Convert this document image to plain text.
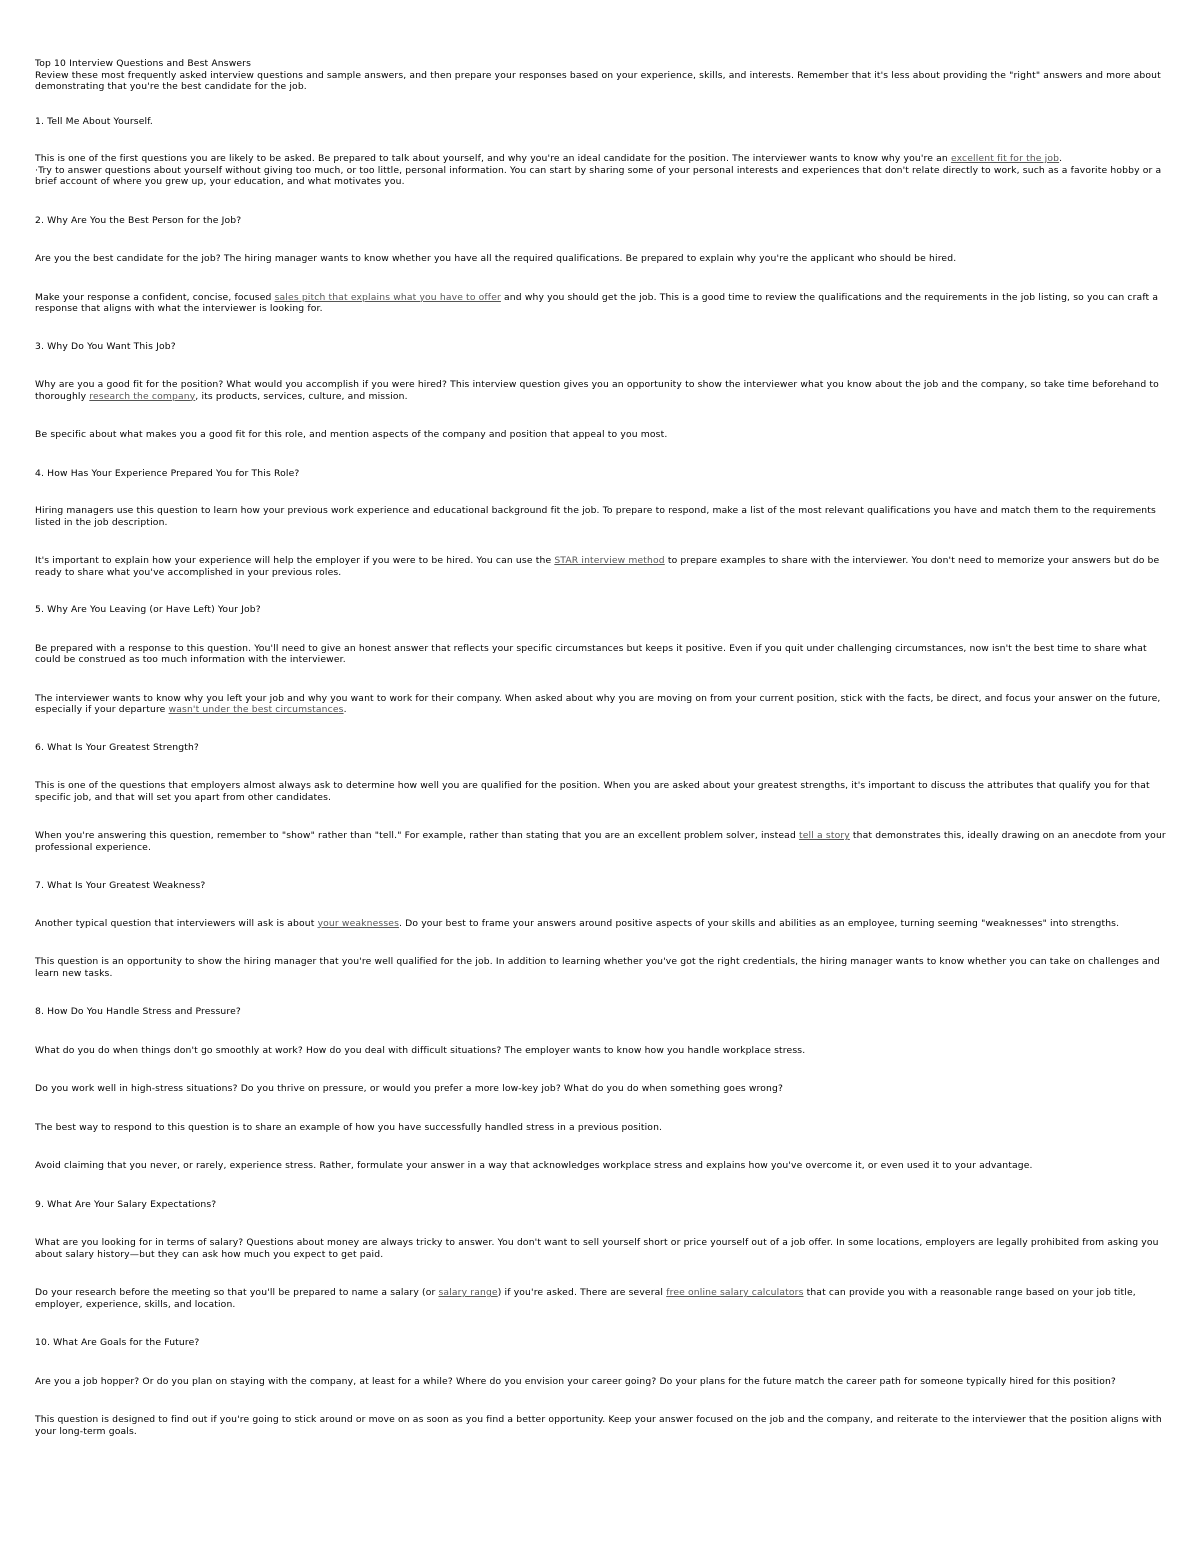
Top 10 Interview Questions and Best Answers

Review these most frequently asked interview questions and sample answers, and then prepare your responses based on your experience, skills, and interests. Remember that it's less about providing the "right" answers and more about demonstrating that you're the best candidate for the job.

1. Tell Me About Yourself.

This is one of the first questions you are likely to be asked. Be prepared to talk about yourself, and why you're an ideal candidate for the position. The interviewer wants to know why you're an excellent fit for the job.

·Try to answer questions about yourself without giving too much, or too little, personal information. You can start by sharing some of your personal interests and experiences that don't relate directly to work, such as a favorite hobby or a brief account of where you grew up, your education, and what motivates you.

2. Why Are You the Best Person for the Job?

Are you the best candidate for the job? The hiring manager wants to know whether you have all the required qualifications. Be prepared to explain why you're the applicant who should be hired.

Make your response a confident, concise, focused sales pitch that explains what you have to offer and why you should get the job. This is a good time to review the qualifications and the requirements in the job listing, so you can craft a response that aligns with what the interviewer is looking for.

3. Why Do You Want This Job?

Why are you a good fit for the position? What would you accomplish if you were hired? This interview question gives you an opportunity to show the interviewer what you know about the job and the company, so take time beforehand to thoroughly research the company, its products, services, culture, and mission.

Be specific about what makes you a good fit for this role, and mention aspects of the company and position that appeal to you most.

4. How Has Your Experience Prepared You for This Role?

Hiring managers use this question to learn how your previous work experience and educational background fit the job. To prepare to respond, make a list of the most relevant qualifications you have and match them to the requirements listed in the job description.

It's important to explain how your experience will help the employer if you were to be hired. You can use the STAR interview method to prepare examples to share with the interviewer. You don't need to memorize your answers but do be ready to share what you've accomplished in your previous roles.

5. Why Are You Leaving (or Have Left) Your Job?

Be prepared with a response to this question. You'll need to give an honest answer that reflects your specific circumstances but keeps it positive. Even if you quit under challenging circumstances, now isn't the best time to share what could be construed as too much information with the interviewer.

The interviewer wants to know why you left your job and why you want to work for their company. When asked about why you are moving on from your current position, stick with the facts, be direct, and focus your answer on the future, especially if your departure wasn't under the best circumstances.

6. What Is Your Greatest Strength?

This is one of the questions that employers almost always ask to determine how well you are qualified for the position. When you are asked about your greatest strengths, it's important to discuss the attributes that qualify you for that specific job, and that will set you apart from other candidates.

When you're answering this question, remember to "show" rather than "tell." For example, rather than stating that you are an excellent problem solver, instead tell a story that demonstrates this, ideally drawing on an anecdote from your professional experience.

7. What Is Your Greatest Weakness?

Another typical question that interviewers will ask is about your weaknesses. Do your best to frame your answers around positive aspects of your skills and abilities as an employee, turning seeming "weaknesses" into strengths.

This question is an opportunity to show the hiring manager that you're well qualified for the job. In addition to learning whether you've got the right credentials, the hiring manager wants to know whether you can take on challenges and learn new tasks.

8. How Do You Handle Stress and Pressure?

What do you do when things don't go smoothly at work? How do you deal with difficult situations? The employer wants to know how you handle workplace stress.

Do you work well in high-stress situations? Do you thrive on pressure, or would you prefer a more low-key job? What do you do when something goes wrong?

The best way to respond to this question is to share an example of how you have successfully handled stress in a previous position.

Avoid claiming that you never, or rarely, experience stress. Rather, formulate your answer in a way that acknowledges workplace stress and explains how you've overcome it, or even used it to your advantage.

9. What Are Your Salary Expectations?

What are you looking for in terms of salary? Questions about money are always tricky to answer. You don't want to sell yourself short or price yourself out of a job offer. In some locations, employers are legally prohibited from asking you about salary history—but they can ask how much you expect to get paid.

Do your research before the meeting so that you'll be prepared to name a salary (or salary range) if you're asked. There are several free online salary calculators that can provide you with a reasonable range based on your job title, employer, experience, skills, and location.

10. What Are Goals for the Future?

Are you a job hopper? Or do you plan on staying with the company, at least for a while? Where do you envision your career going? Do your plans for the future match the career path for someone typically hired for this position?

This question is designed to find out if you're going to stick around or move on as soon as you find a better opportunity. Keep your answer focused on the job and the company, and reiterate to the interviewer that the position aligns with your long-term goals.
